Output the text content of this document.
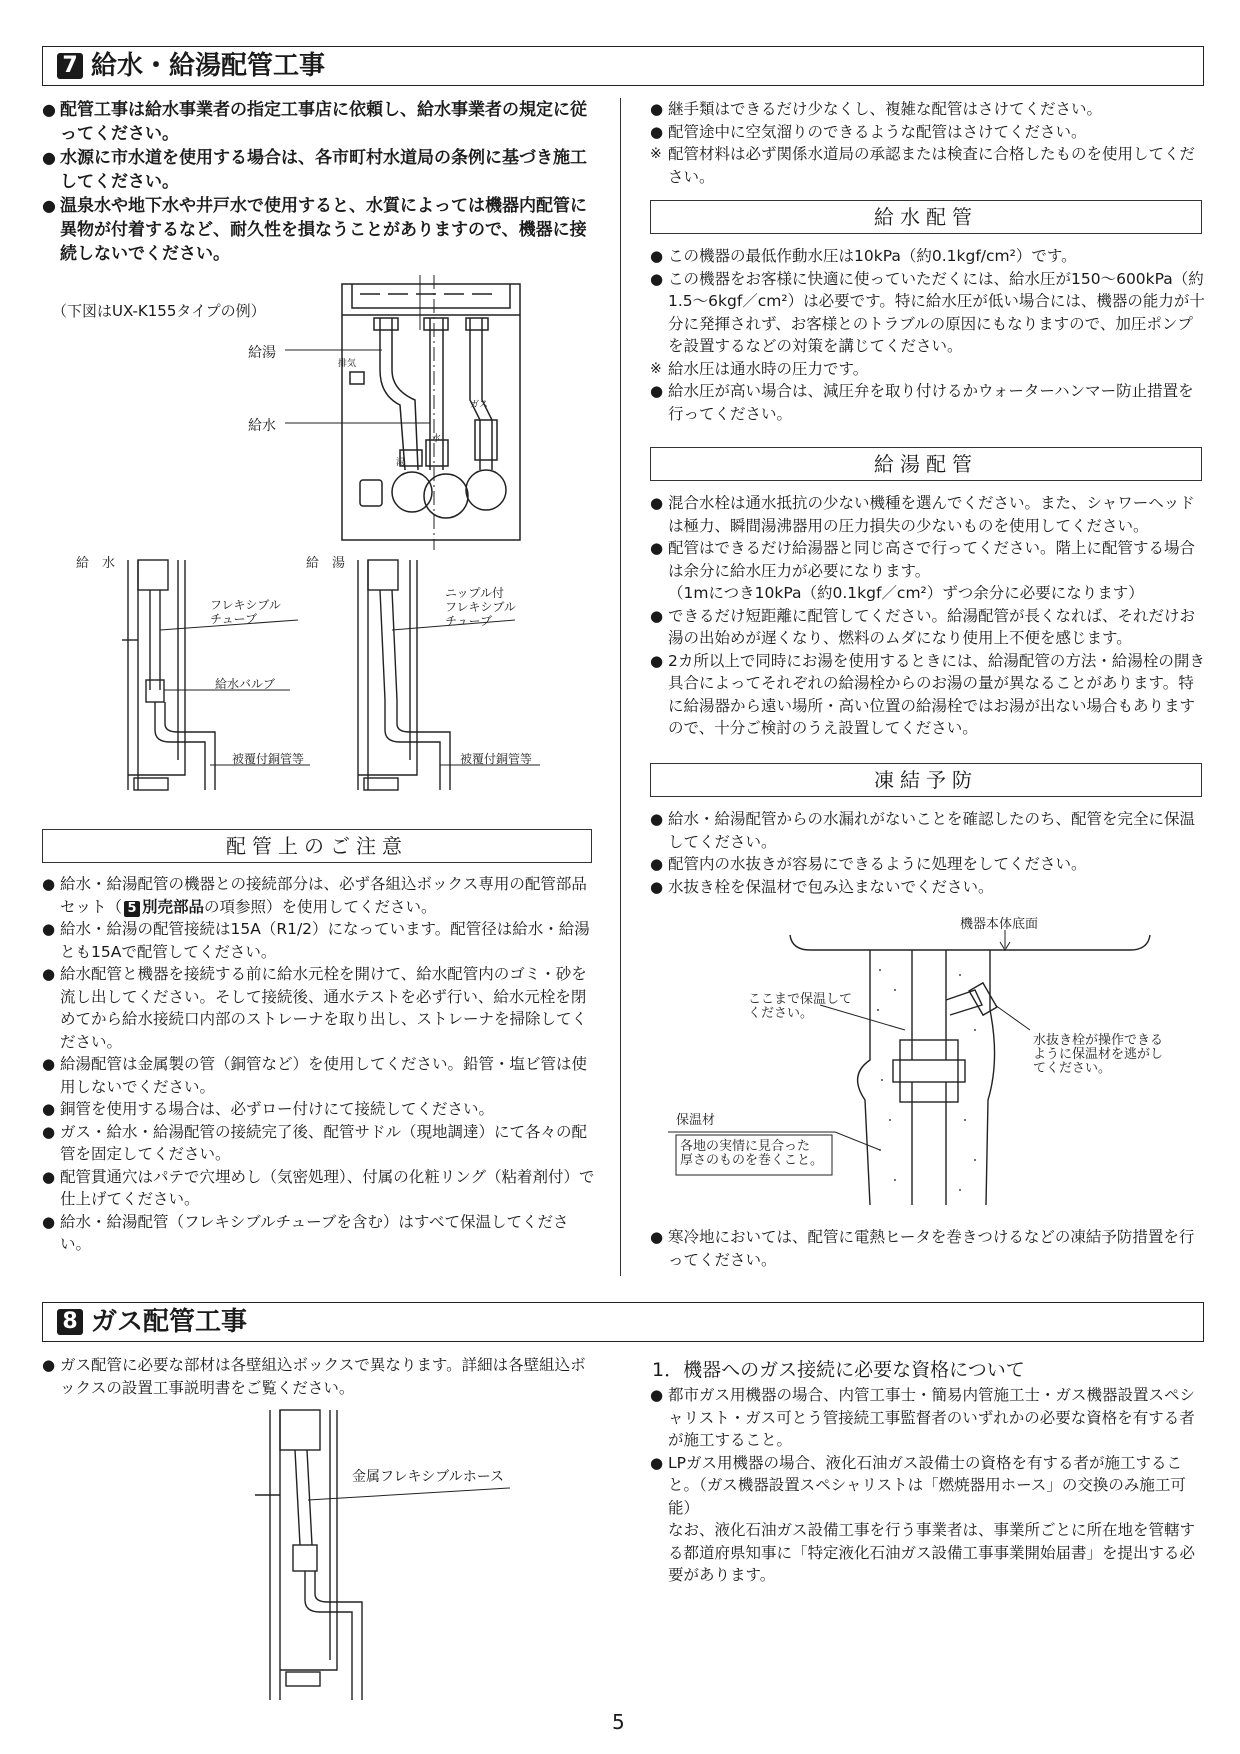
7 給水・給湯配管工事
● 配管工事は給水事業者の指定工事店に依頼し、給水事業者の規定に従ってください。
● 水源に市水道を使用する場合は、各市町村水道局の条例に基づき施工してください。
● 温泉水や地下水や井戸水で使用すると、水質によっては機器内配管に異物が付着するなど、耐久性を損なうことがありますので、機器に接続しないでください。
（下図はUX-K155タイプの例）
給湯
給水
排気
ガス
水
湯
給　水	給　湯
フレキシブル
チューブ
給水バルブ
被覆付銅管等
ニップル付
フレキシブル
チューブ
被覆付銅管等
配管上のご注意
● 給水・給湯配管の機器との接続部分は、必ず各組込ボックス専用の配管部品セット（ 5 別売部品の項参照）を使用してください。
● 給水・給湯の配管接続は15A（R1/2）になっています。配管径は給水・給湯とも15Aで配管してください。
● 給水配管と機器を接続する前に給水元栓を開けて、給水配管内のゴミ・砂を流し出してください。そして接続後、通水テストを必ず行い、給水元栓を閉めてから給水接続口内部のストレーナを取り出し、ストレーナを掃除してください。
● 給湯配管は金属製の管（銅管など）を使用してください。鉛管・塩ビ管は使用しないでください。
● 銅管を使用する場合は、必ずロー付けにて接続してください。
● ガス・給水・給湯配管の接続完了後、配管サドル（現地調達）にて各々の配管を固定してください。
● 配管貫通穴はパテで穴埋めし（気密処理）、付属の化粧リング（粘着剤付）で仕上げてください。
● 給水・給湯配管（フレキシブルチューブを含む）はすべて保温してください。
● 継手類はできるだけ少なくし、複雑な配管はさけてください。
● 配管途中に空気溜りのできるような配管はさけてください。
※ 配管材料は必ず関係水道局の承認または検査に合格したものを使用してください。
給水配管
● この機器の最低作動水圧は10kPa（約0.1kgf/cm²）です。
● この機器をお客様に快適に使っていただくには、給水圧が150～600kPa（約1.5～6kgf／cm²）は必要です。特に給水圧が低い場合には、機器の能力が十分に発揮されず、お客様とのトラブルの原因にもなりますので、加圧ポンプを設置するなどの対策を講じてください。
※ 給水圧は通水時の圧力です。
● 給水圧が高い場合は、減圧弁を取り付けるかウォーターハンマー防止措置を行ってください。
給湯配管
● 混合水栓は通水抵抗の少ない機種を選んでください。また、シャワーヘッドは極力、瞬間湯沸器用の圧力損失の少ないものを使用してください。
● 配管はできるだけ給湯器と同じ高さで行ってください。階上に配管する場合は余分に給水圧力が必要になります。
（1mにつき10kPa（約0.1kgf／cm²）ずつ余分に必要になります）
● できるだけ短距離に配管してください。給湯配管が長くなれば、それだけお湯の出始めが遅くなり、燃料のムダになり使用上不便を感じます。
● 2カ所以上で同時にお湯を使用するときには、給湯配管の方法・給湯栓の開き具合によってそれぞれの給湯栓からのお湯の量が異なることがあります。特に給湯器から遠い場所・高い位置の給湯栓ではお湯が出ない場合もありますので、十分ご検討のうえ設置してください。
凍結予防
● 給水・給湯配管からの水漏れがないことを確認したのち、配管を完全に保温してください。
● 配管内の水抜きが容易にできるように処理をしてください。
● 水抜き栓を保温材で包み込まないでください。
機器本体底面
ここまで保温して
ください。
水抜き栓が操作できる
ように保温材を逃がし
てください。
保温材
各地の実情に見合った
厚さのものを巻くこと。
● 寒冷地においては、配管に電熱ヒータを巻きつけるなどの凍結予防措置を行ってください。
8 ガス配管工事
● ガス配管に必要な部材は各壁組込ボックスで異なります。詳細は各壁組込ボックスの設置工事説明書をご覧ください。
金属フレキシブルホース
1．機器へのガス接続に必要な資格について
● 都市ガス用機器の場合、内管工事士・簡易内管施工士・ガス機器設置スペシャリスト・ガス可とう管接続工事監督者のいずれかの必要な資格を有する者が施工すること。
● LPガス用機器の場合、液化石油ガス設備士の資格を有する者が施工すること。（ガス機器設置スペシャリストは「燃焼器用ホース」の交換のみ施工可能）
なお、液化石油ガス設備工事を行う事業者は、事業所ごとに所在地を管轄する都道府県知事に「特定液化石油ガス設備工事事業開始届書」を提出する必要があります。
5
